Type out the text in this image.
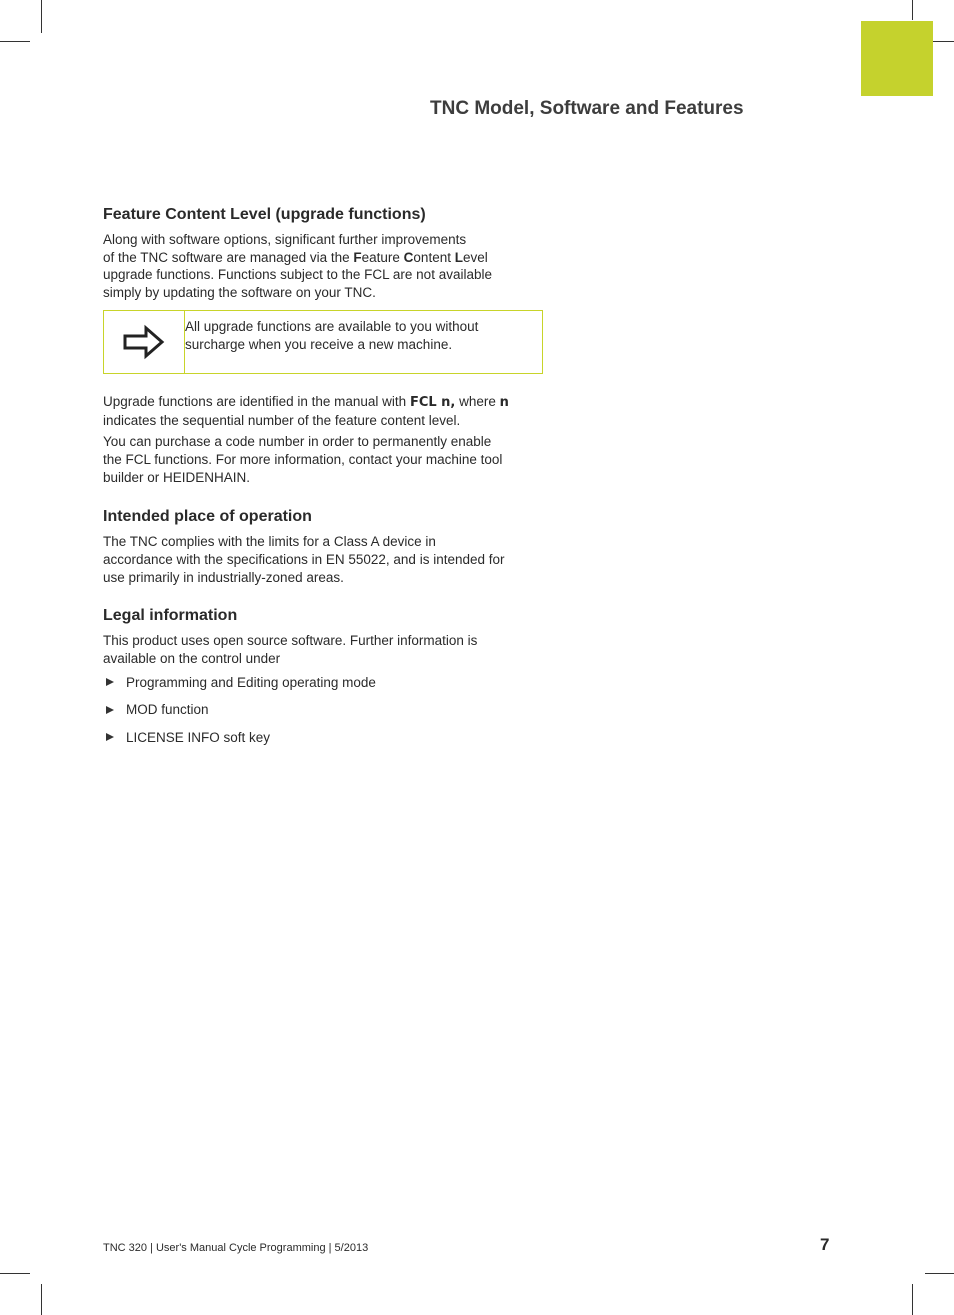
TNC Model, Software and Features
Feature Content Level (upgrade functions)

Along with software options, significant further improvements
of the TNC software are managed via the Feature Content Level
upgrade functions. Functions subject to the FCL are not available
simply by updating the software on your TNC.

All upgrade functions are available to you without
surcharge when you receive a new machine.

Upgrade functions are identified in the manual with FCL n, where n
indicates the sequential number of the feature content level.

You can purchase a code number in order to permanently enable
the FCL functions. For more information, contact your machine tool
builder or HEIDENHAIN.

Intended place of operation

The TNC complies with the limits for a Class A device in
accordance with the specifications in EN 55022, and is intended for
use primarily in industrially-zoned areas.

Legal information

This product uses open source software. Further information is
available on the control under

Programming and Editing operating mode
MOD function
LICENSE INFO soft key
TNC 320 | User's Manual Cycle Programming | 5/2013	7
